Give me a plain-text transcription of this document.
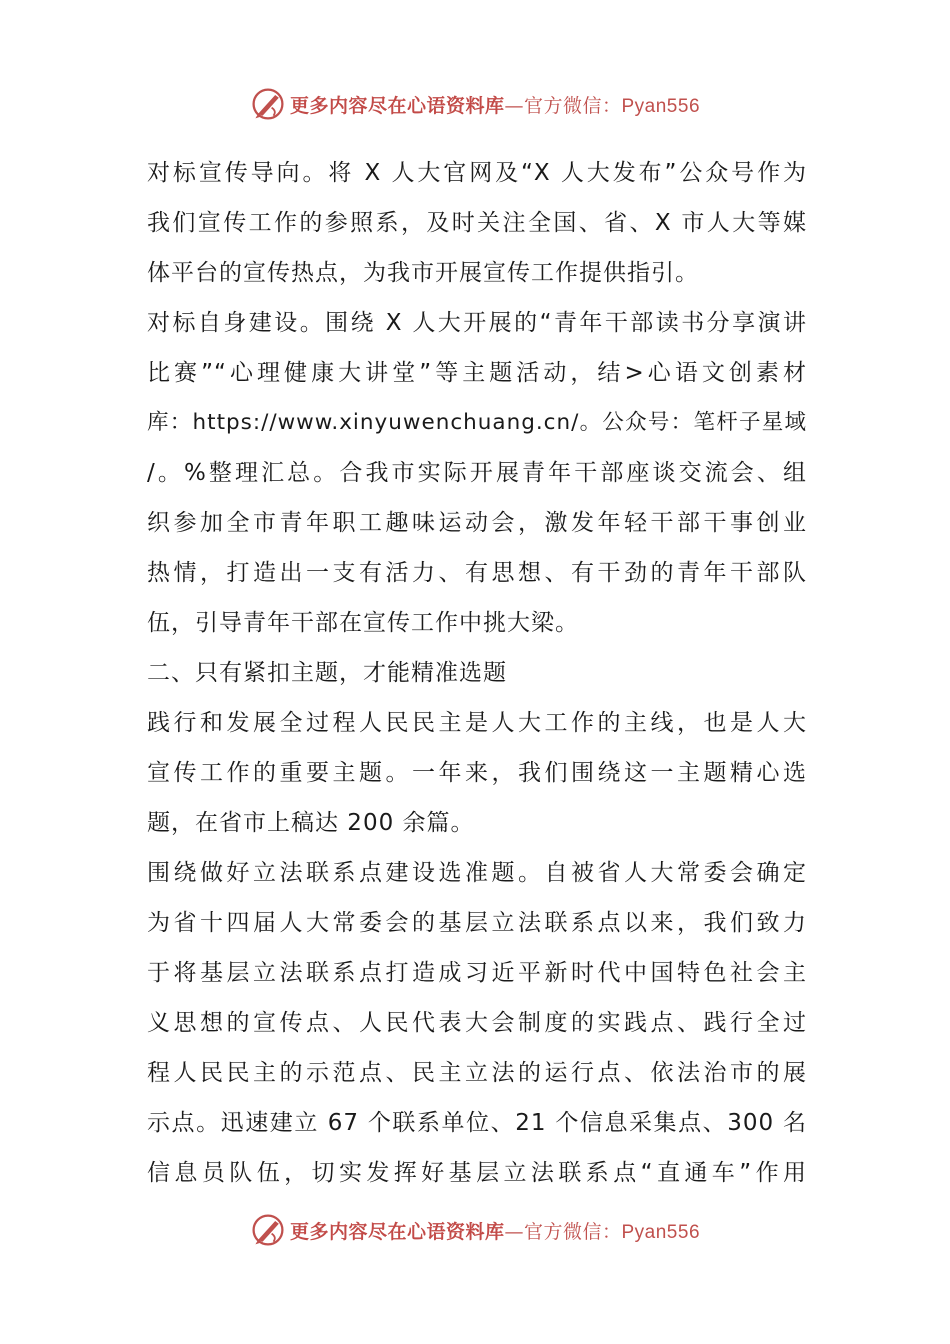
更多内容尽在心语资料库—官方微信：Pyan556
对标宣传导向。将 X 人大官网及“X 人大发布”公众号作为
我们宣传工作的参照系，及时关注全国、省、X 市人大等媒
体平台的宣传热点，为我市开展宣传工作提供指引。
对标自身建设。围绕 X 人大开展的“青年干部读书分享演讲
比赛”“心理健康大讲堂”等主题活动，结>心语文创素材
库：https://www.xinyuwenchuang.cn/。公众号：笔杆子星域
/。%整理汇总。合我市实际开展青年干部座谈交流会、组
织参加全市青年职工趣味运动会，激发年轻干部干事创业
热情，打造出一支有活力、有思想、有干劲的青年干部队
伍，引导青年干部在宣传工作中挑大梁。
二、只有紧扣主题，才能精准选题
践行和发展全过程人民民主是人大工作的主线，也是人大
宣传工作的重要主题。一年来，我们围绕这一主题精心选
题，在省市上稿达 200 余篇。
围绕做好立法联系点建设选准题。自被省人大常委会确定
为省十四届人大常委会的基层立法联系点以来，我们致力
于将基层立法联系点打造成习近平新时代中国特色社会主
义思想的宣传点、人民代表大会制度的实践点、践行全过
程人民民主的示范点、民主立法的运行点、依法治市的展
示点。迅速建立 67 个联系单位、21 个信息采集点、300 名
信息员队伍，切实发挥好基层立法联系点“直通车”作用
更多内容尽在心语资料库—官方微信：Pyan556
